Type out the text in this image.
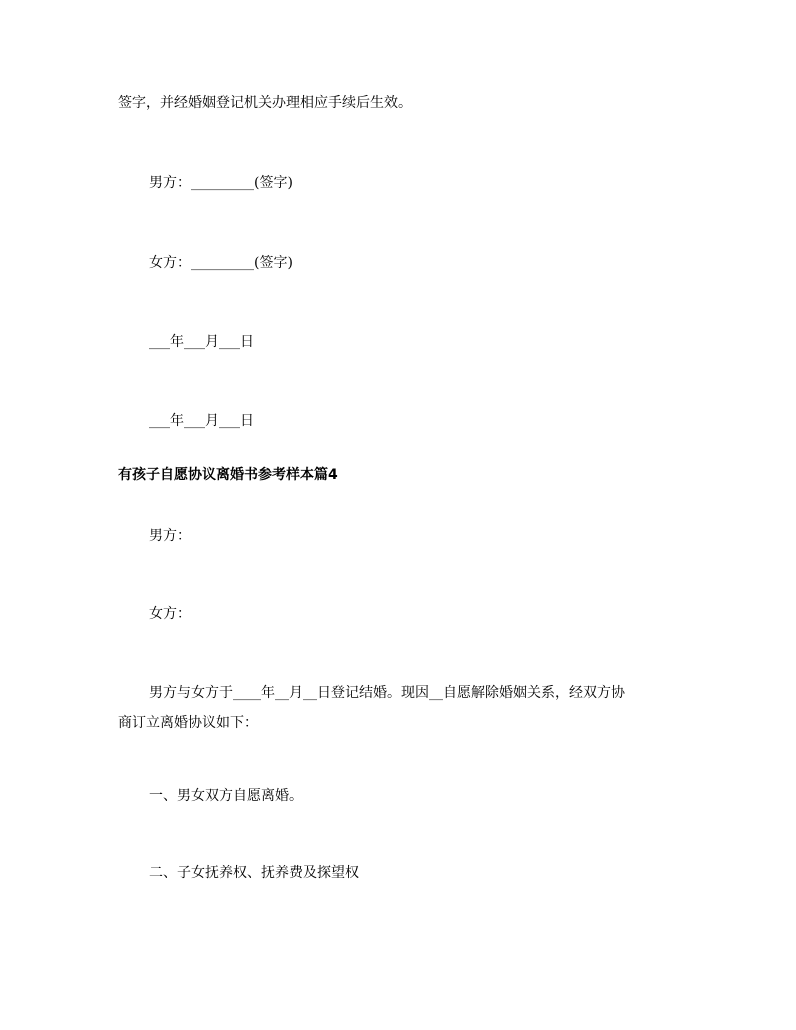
签字，并经婚姻登记机关办理相应手续后生效。

男方：_________(签字)

女方：_________(签字)

___年___月___日

___年___月___日

有孩子自愿协议离婚书参考样本篇4

男方：

女方：

男方与女方于____年__月__日登记结婚。现因__自愿解除婚姻关系，经双方协

商订立离婚协议如下：

一、男女双方自愿离婚。

二、子女抚养权、抚养费及探望权
